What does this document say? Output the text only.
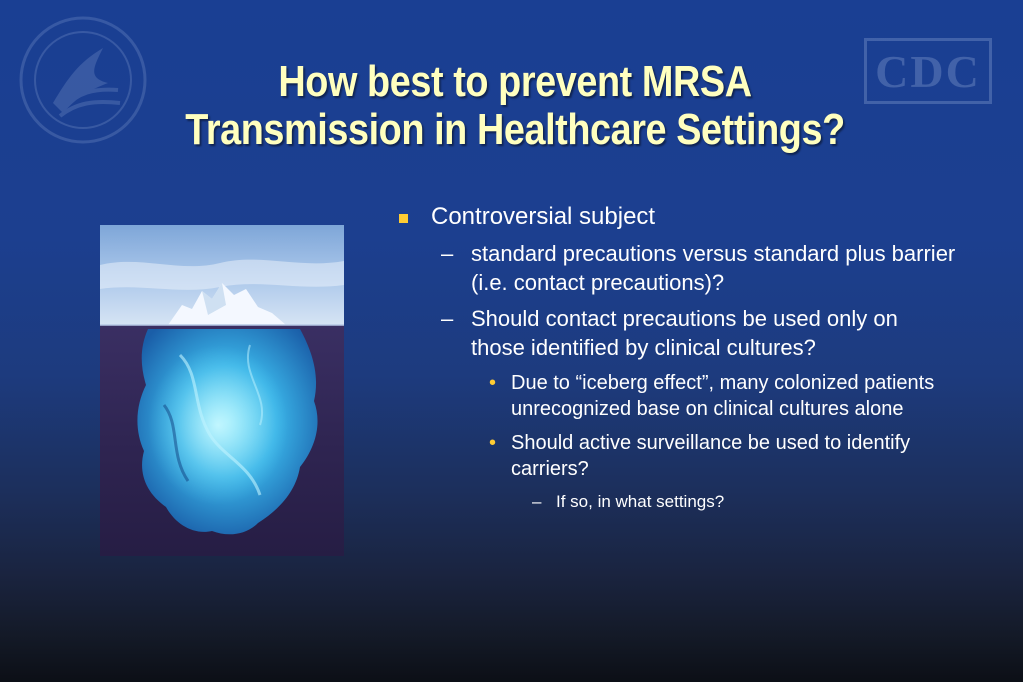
CDC
How best to prevent MRSA
Transmission in Healthcare Settings?
Controversial subject
– standard precautions versus standard plus barrier (i.e. contact precautions)?
– Should contact precautions be used only on those identified by clinical cultures?
• Due to “iceberg effect”, many colonized patients unrecognized base on clinical cultures alone
• Should active surveillance be used to identify carriers?
– If so, in what settings?
